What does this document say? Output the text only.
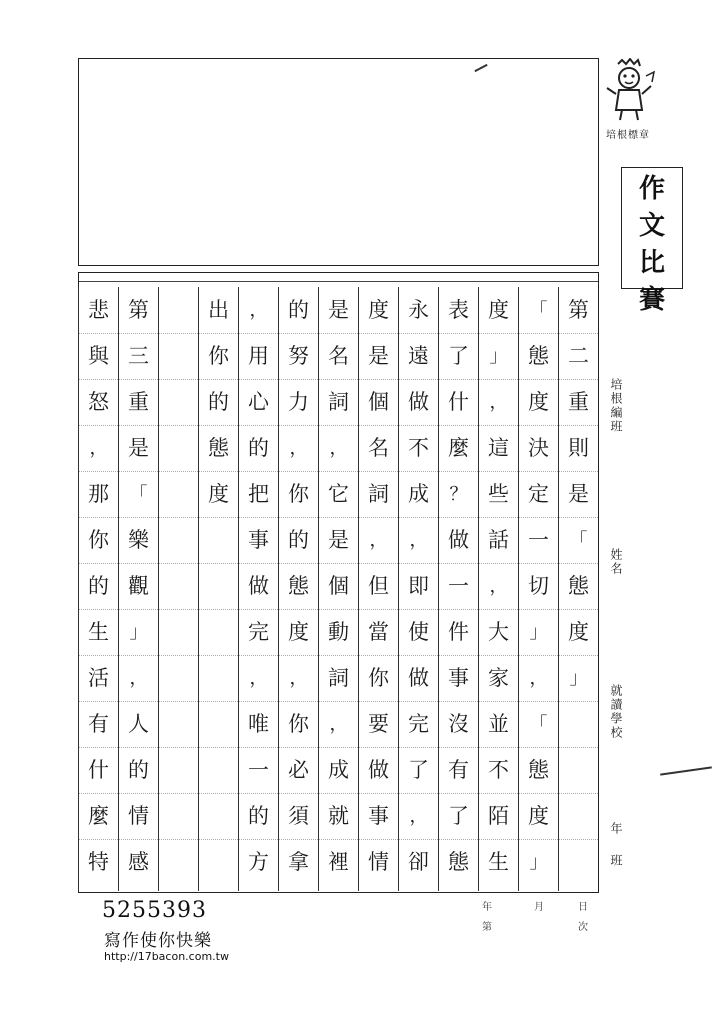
培根標章
作
文
比
賽
第
二
重
則
是
「
態
度
」
「
態
度
決
定
一
切
」
，
「
態
度
」
度
」
，
這
些
話
，
大
家
並
不
陌
生
表
了
什
麼
？
做
一
件
事
沒
有
了
態
永
遠
做
不
成
，
即
使
做
完
了
，
卻
度
是
個
名
詞
，
但
當
你
要
做
事
情
是
名
詞
，
它
是
個
動
詞
，
成
就
裡
的
努
力
，
你
的
態
度
，
你
必
須
拿
，
用
心
的
把
事
做
完
，
唯
一
的
方
出
你
的
態
度
第
三
重
是
「
樂
觀
」
，
人
的
情
感
悲
與
怒
，
那
你
的
生
活
有
什
麼
特
培根編班
姓名
就讀學校
年
班
年	月	日
第	次
5255393
寫作使你快樂
http://17bacon.com.tw
